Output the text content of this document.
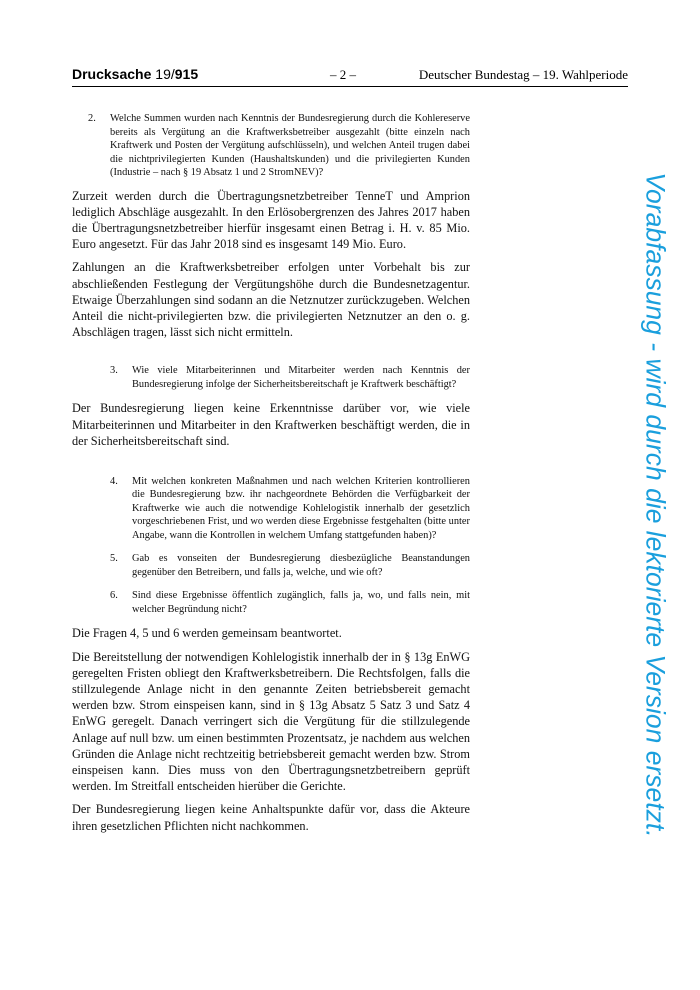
Drucksache 19/915	– 2 –	Deutscher Bundestag – 19. Wahlperiode
2. Welche Summen wurden nach Kenntnis der Bundesregierung durch die Kohlereserve bereits als Vergütung an die Kraftwerksbetreiber ausgezahlt (bitte einzeln nach Kraftwerk und Posten der Vergütung aufschlüsseln), und welchen Anteil trugen dabei die nichtprivilegierten Kunden (Haushaltskunden) und die privilegierten Kunden (Industrie – nach § 19 Absatz 1 und 2 StromNEV)?

Zurzeit werden durch die Übertragungsnetzbetreiber TenneT und Amprion lediglich Abschläge ausgezahlt. In den Erlösobergrenzen des Jahres 2017 haben die Übertragungsnetzbetreiber hierfür insgesamt einen Betrag i. H. v. 85 Mio. Euro angesetzt. Für das Jahr 2018 sind es insgesamt 149 Mio. Euro.

Zahlungen an die Kraftwerksbetreiber erfolgen unter Vorbehalt bis zur abschließenden Festlegung der Vergütungshöhe durch die Bundesnetzagentur. Etwaige Überzahlungen sind sodann an die Netznutzer zurückzugeben. Welchen Anteil die nicht-privilegierten bzw. die privilegierten Netznutzer an den o. g. Abschlägen tragen, lässt sich nicht ermitteln.

3. Wie viele Mitarbeiterinnen und Mitarbeiter werden nach Kenntnis der Bundesregierung infolge der Sicherheitsbereitschaft je Kraftwerk beschäftigt?

Der Bundesregierung liegen keine Erkenntnisse darüber vor, wie viele Mitarbeiterinnen und Mitarbeiter in den Kraftwerken beschäftigt werden, die in der Sicherheitsbereitschaft sind.

4. Mit welchen konkreten Maßnahmen und nach welchen Kriterien kontrollieren die Bundesregierung bzw. ihr nachgeordnete Behörden die Verfügbarkeit der Kraftwerke wie auch die notwendige Kohlelogistik innerhalb der gesetzlich vorgeschriebenen Frist, und wo werden diese Ergebnisse festgehalten (bitte unter Angabe, wann die Kontrollen in welchem Umfang stattgefunden haben)?
5. Gab es vonseiten der Bundesregierung diesbezügliche Beanstandungen gegenüber den Betreibern, und falls ja, welche, und wie oft?
6. Sind diese Ergebnisse öffentlich zugänglich, falls ja, wo, und falls nein, mit welcher Begründung nicht?

Die Fragen 4, 5 und 6 werden gemeinsam beantwortet.

Die Bereitstellung der notwendigen Kohlelogistik innerhalb der in § 13g EnWG geregelten Fristen obliegt den Kraftwerksbetreibern. Die Rechtsfolgen, falls die stillzulegende Anlage nicht in den genannte Zeiten betriebsbereit gemacht werden bzw. Strom einspeisen kann, sind in § 13g Absatz 5 Satz 3 und Satz 4 EnWG geregelt. Danach verringert sich die Vergütung für die stillzulegende Anlage auf null bzw. um einen bestimmten Prozentsatz, je nachdem aus welchen Gründen die Anlage nicht rechtzeitig betriebsbereit gemacht werden bzw. Strom einspeisen kann. Dies muss von den Übertragungsnetzbetreibern geprüft werden. Im Streitfall entscheiden hierüber die Gerichte.

Der Bundesregierung liegen keine Anhaltspunkte dafür vor, dass die Akteure ihren gesetzlichen Pflichten nicht nachkommen.	Vorabfassung - wird durch die lektorierte Version ersetzt.
